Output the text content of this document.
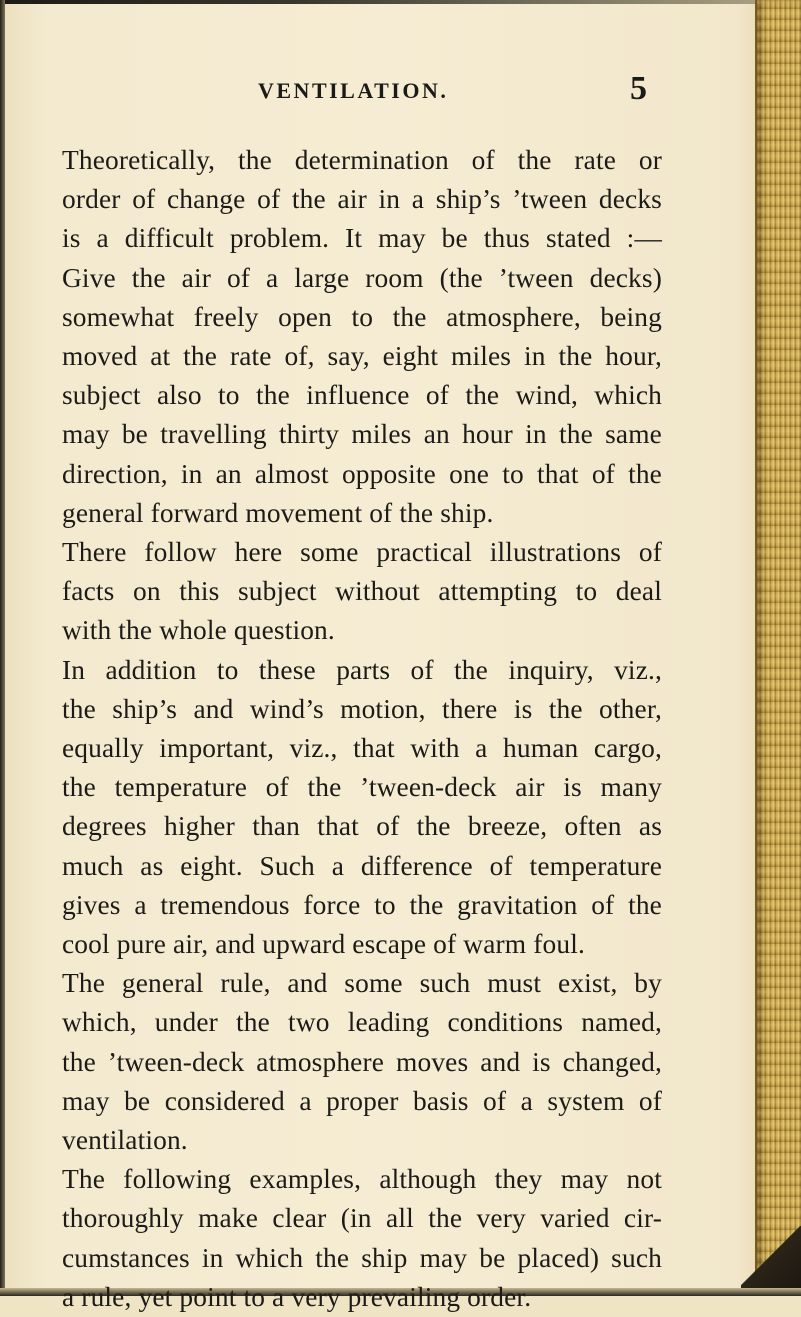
VENTILATION.	5
Theoretically, the determination of the rate or
order of change of the air in a ship’s ’tween decks
is a difficult problem. It may be thus stated :—
Give the air of a large room (the ’tween decks)
somewhat freely open to the atmosphere, being
moved at the rate of, say, eight miles in the hour,
subject also to the influence of the wind, which
may be travelling thirty miles an hour in the same
direction, in an almost opposite one to that of the
general forward movement of the ship.
There follow here some practical illustrations of
facts on this subject without attempting to deal
with the whole question.
In addition to these parts of the inquiry, viz.,
the ship’s and wind’s motion, there is the other,
equally important, viz., that with a human cargo,
the temperature of the ’tween-deck air is many
degrees higher than that of the breeze, often as
much as eight. Such a difference of temperature
gives a tremendous force to the gravitation of the
cool pure air, and upward escape of warm foul.
The general rule, and some such must exist, by
which, under the two leading conditions named,
the ’tween-deck atmosphere moves and is changed,
may be considered a proper basis of a system of
ventilation.
The following examples, although they may not
thoroughly make clear (in all the very varied cir-
cumstances in which the ship may be placed) such
a rule, yet point to a very prevailing order.
